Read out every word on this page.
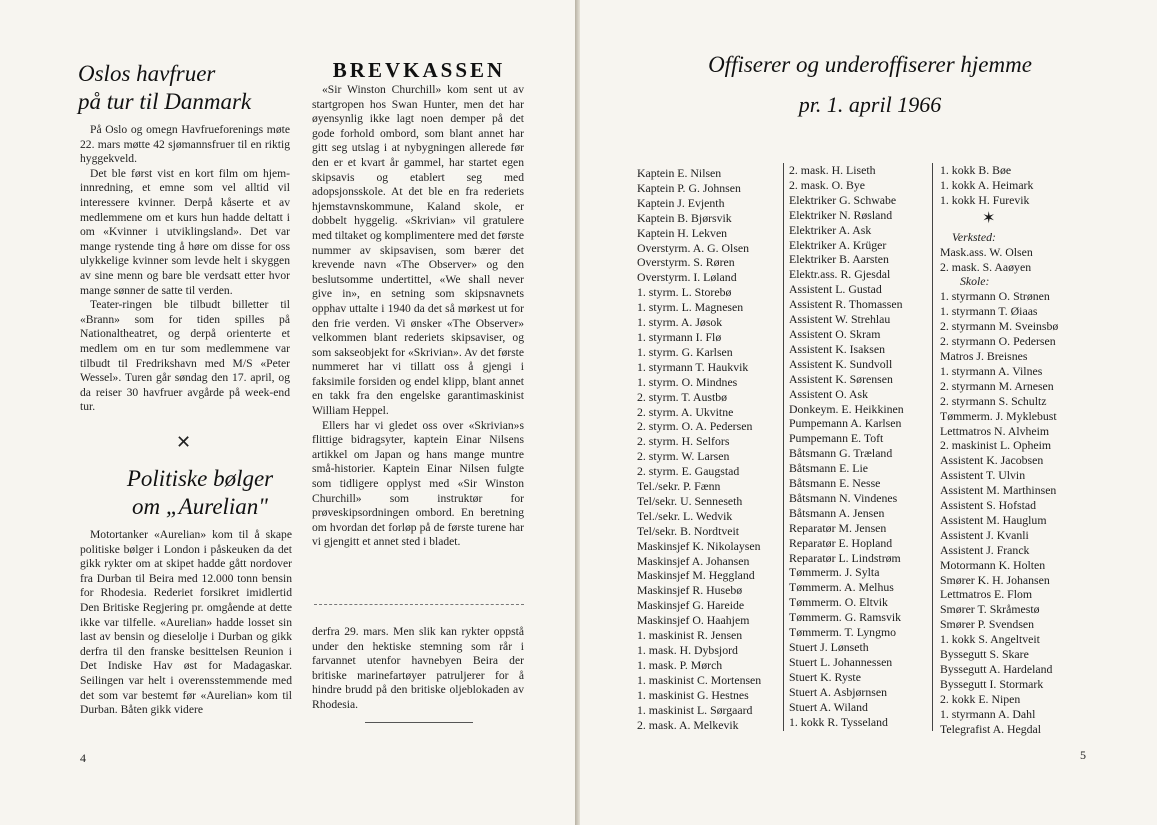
Oslos havfruer
på tur til Danmark

På Oslo og omegn Havfrueforenings møte 22. mars møtte 42 sjømannsfruer til en riktig hyggekveld.

Det ble først vist en kort film om hjem-innredning, et emne som vel alltid vil interessere kvinner. Derpå kåserte et av medlemmene om et kurs hun hadde deltatt i om «Kvinner i utviklingsland». Det var mange rystende ting å høre om disse for oss ulykkelige kvinner som levde helt i skyggen av sine menn og bare ble verdsatt etter hvor mange sønner de satte til verden.

Teater-ringen ble tilbudt billetter til «Brann» som for tiden spilles på Nationaltheatret, og derpå orienterte et medlem om en tur som medlemmene var tilbudt til Fredrikshavn med M/S «Peter Wessel». Turen går søndag den 17. april, og da reiser 30 havfruer avgårde på week-end tur.

✕
Politiske bølger
om „Aurelian"

Motortanker «Aurelian» kom til å skape politiske bølger i London i påskeuken da det gikk rykter om at skipet hadde gått nordover fra Durban til Beira med 12.000 tonn bensin for Rhodesia. Rederiet forsikret imidlertid Den Britiske Regjering pr. omgående at dette ikke var tilfelle. «Aurelian» hadde losset sin last av bensin og dieselolje i Durban og gikk derfra til den franske besittelsen Reunion i Det Indiske Hav øst for Madagaskar. Seilingen var helt i overensstemmende med det som var bestemt før «Aurelian» kom til Durban. Båten gikk videre

BREVKASSEN

«Sir Winston Churchill» kom sent ut av startgropen hos Swan Hunter, men det har øyensynlig ikke lagt noen demper på det gode forhold ombord, som blant annet har gitt seg utslag i at nybygningen allerede før den er et kvart år gammel, har startet egen skipsavis og etablert seg med adopsjonsskole. At det ble en fra rederiets hjemstavnskommune, Kaland skole, er dobbelt hyggelig. «Skrivian» vil gratulere med tiltaket og komplimentere med det første nummer av skipsavisen, som bærer det krevende navn «The Observer» og den beslutsomme undertittel, «We shall never give in», en setning som skipsnavnets opphav uttalte i 1940 da det så mørkest ut for den frie verden. Vi ønsker «The Observer» velkommen blant rederiets skipsaviser, og som sakseobjekt for «Skrivian». Av det første nummeret har vi tillatt oss å gjengi i faksimile forsiden og endel klipp, blant annet en takk fra den engelske garantimaskinist William Heppel.

Ellers har vi gledet oss over «Skrivian»s flittige bidragsyter, kaptein Einar Nilsens artikkel om Japan og hans mange muntre små-historier. Kaptein Einar Nilsen fulgte som tidligere opplyst med «Sir Winston Churchill» som instruktør for prøveskipsordningen ombord. En beretning om hvordan det forløp på de første turene har vi gjengitt et annet sted i bladet.

derfra 29. mars. Men slik kan rykter oppstå under den hektiske stemning som rår i farvannet utenfor havnebyen Beira der britiske marinefartøyer patruljerer for å hindre brudd på den britiske oljeblokaden av Rhodesia.

4
Offiserer og underoffiserer hjemme
pr. 1. april 1966
Kaptein E. Nilsen
Kaptein P. G. Johnsen
Kaptein J. Evjenth
Kaptein B. Bjørsvik
Kaptein H. Lekven
Overstyrm. A. G. Olsen
Overstyrm. S. Røren
Overstyrm. I. Løland
1. styrm. L. Storebø
1. styrm. L. Magnesen
1. styrm. A. Jøsok
1. styrmann I. Flø
1. styrm. G. Karlsen
1. styrmann T. Haukvik
1. styrm. O. Mindnes
2. styrm. T. Austbø
2. styrm. A. Ukvitne
2. styrm. O. A. Pedersen
2. styrm. H. Selfors
2. styrm. W. Larsen
2. styrm. E. Gaugstad
Tel./sekr. P. Fænn
Tel/sekr. U. Senneseth
Tel./sekr. L. Wedvik
Tel/sekr. B. Nordtveit
Maskinsjef K. Nikolaysen
Maskinsjef A. Johansen
Maskinsjef M. Heggland
Maskinsjef R. Husebø
Maskinsjef G. Hareide
Maskinsjef O. Haahjem
1. maskinist R. Jensen
1. mask. H. Dybsjord
1. mask. P. Mørch
1. maskinist C. Mortensen
1. maskinist G. Hestnes
1. maskinist L. Sørgaard
2. mask. A. Melkevik
2. mask. H. Liseth
2. mask. O. Bye
Elektriker G. Schwabe
Elektriker N. Røsland
Elektriker A. Ask
Elektriker A. Krüger
Elektriker B. Aarsten
Elektr.ass. R. Gjesdal
Assistent L. Gustad
Assistent R. Thomassen
Assistent W. Strehlau
Assistent O. Skram
Assistent K. Isaksen
Assistent K. Sundvoll
Assistent K. Sørensen
Assistent O. Ask
Donkeym. E. Heikkinen
Pumpemann A. Karlsen
Pumpemann E. Toft
Båtsmann G. Træland
Båtsmann E. Lie
Båtsmann E. Nesse
Båtsmann N. Vindenes
Båtsmann A. Jensen
Reparatør M. Jensen
Reparatør E. Hopland
Reparatør L. Lindstrøm
Tømmerm. J. Sylta
Tømmerm. A. Melhus
Tømmerm. O. Eltvik
Tømmerm. G. Ramsvik
Tømmerm. T. Lyngmo
Stuert J. Lønseth
Stuert L. Johannessen
Stuert K. Ryste
Stuert A. Asbjørnsen
Stuert A. Wiland
1. kokk R. Tysseland
1. kokk B. Bøe
1. kokk A. Heimark
1. kokk H. Furevik
✶
Verksted:
Mask.ass. W. Olsen
2. mask. S. Aaøyen
Skole:
1. styrmann O. Strønen
1. styrmann T. Øiaas
2. styrmann M. Sveinsbø
2. styrmann O. Pedersen
Matros J. Breisnes
1. styrmann A. Vilnes
2. styrmann M. Arnesen
2. styrmann S. Schultz
Tømmerm. J. Myklebust
Lettmatros N. Alvheim
2. maskinist L. Opheim
Assistent K. Jacobsen
Assistent T. Ulvin
Assistent M. Marthinsen
Assistent S. Hofstad
Assistent M. Hauglum
Assistent J. Kvanli
Assistent J. Franck
Motormann K. Holten
Smører K. H. Johansen
Lettmatros E. Flom
Smører T. Skråmestø
Smører P. Svendsen
1. kokk S. Angeltveit
Byssegutt S. Skare
Byssegutt A. Hardeland
Byssegutt I. Stormark
2. kokk E. Nipen
1. styrmann A. Dahl
Telegrafist A. Hegdal
5
